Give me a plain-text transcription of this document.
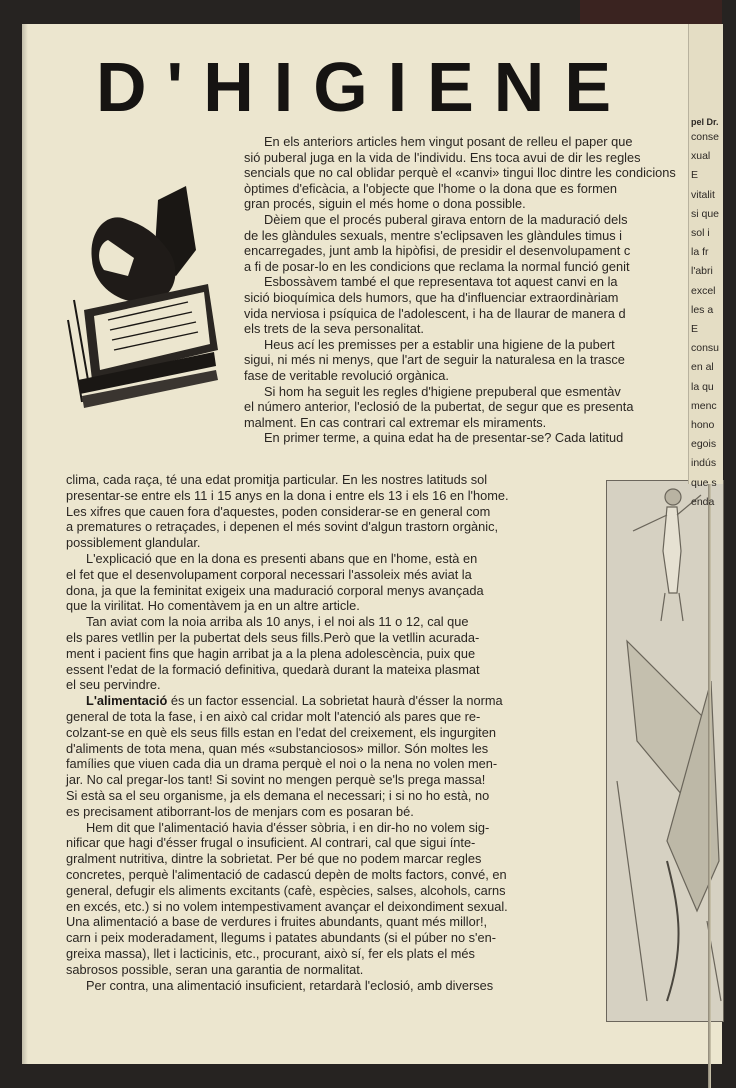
D'HIGIENE

En els anteriors articles hem vingut posant de relleu el paper que

sió puberal juga en la vida de l'individu. Ens toca avui de dir les regles

sencials que no cal oblidar perquè el «canvi» tingui lloc dintre les condicions

òptimes d'eficàcia, a l'objecte que l'home o la dona que es formen

gran procés, siguin el més home o dona possible.

Dèiem que el procés puberal girava entorn de la maduració dels

de les glàndules sexuals, mentre s'eclipsaven les glàndules timus i

encarregades, junt amb la hipòfisi, de presidir el desenvolupament c

a fi de posar-lo en les condicions que reclama la normal funció genit

Esbossàvem també el que representava tot aquest canvi en la

sició bioquímica dels humors, que ha d'influenciar extraordinàriam

vida nerviosa i psíquica de l'adolescent, i ha de llaurar de manera d

els trets de la seva personalitat.

Heus ací les premisses per a establir una higiene de la pubert

sigui, ni més ni menys, que l'art de seguir la naturalesa en la trasce

fase de veritable revolució orgànica.

Si hom ha seguit les regles d'higiene prepuberal que esmentàv

el número anterior, l'eclosió de la pubertat, de segur que es presenta

malment. En cas contrari cal extremar els miraments.

En primer terme, a quina edat ha de presentar-se? Cada latitud

clima, cada raça, té una edat promitja particular. En les nostres latituds sol

presentar-se entre els 11 i 15 anys en la dona i entre els 13 i els 16 en l'home.

Les xifres que cauen fora d'aquestes, poden considerar-se en general com

a prematures o retraçades, i depenen el més sovint d'algun trastorn orgànic,

possiblement glandular.

L'explicació que en la dona es presenti abans que en l'home, està en

el fet que el desenvolupament corporal necessari l'assoleix més aviat la

dona, ja que la feminitat exigeix una maduració corporal menys avançada

que la virilitat. Ho comentàvem ja en un altre article.

Tan aviat com la noia arriba als 10 anys, i el noi als 11 o 12, cal que

els pares vetllin per la pubertat dels seus fills.Però que la vetllin acurada-

ment i pacient fins que hagin arribat ja a la plena adolescència, puix que

essent l'edat de la formació definitiva, quedarà durant la mateixa plasmat

el seu pervindre.

L'alimentació és un factor essencial. La sobrietat haurà d'ésser la norma

general de tota la fase, i en això cal cridar molt l'atenció als pares que re-

colzant-se en què els seus fills estan en l'edat del creixement, els ingurgiten

d'aliments de tota mena, quan més «substanciosos» millor. Són moltes les

famílies que viuen cada dia un drama perquè el noi o la nena no volen men-

jar. No cal pregar-los tant! Si sovint no mengen perquè se'ls prega massa!

Si està sa el seu organisme, ja els demana el necessari; i si no ho està, no

es precisament atiborrant-los de menjars com es posaran bé.

Hem dit que l'alimentació havia d'ésser sòbria, i en dir-ho no volem sig-

nificar que hagi d'ésser frugal o insuficient. Al contrari, cal que sigui ínte-

gralment nutritiva, dintre la sobrietat. Per bé que no podem marcar regles

concretes, perquè l'alimentació de cadascú depèn de molts factors, convé, en

general, defugir els aliments excitants (cafè, espècies, salses, alcohols, carns

en excés, etc.) si no volem intempestivament avançar el deixondiment sexual.

Una alimentació a base de verdures i fruites abundants, quant més millor!,

carn i peix moderadament, llegums i patates abundants (si el púber no s'en-

greixa massa), llet i lacticinis, etc., procurant, això sí, fer els plats el més

sabrosos possible, seran una garantia de normalitat.

Per contra, una alimentació insuficient, retardarà l'eclosió, amb diverses

pel Dr.
conse
xual
E
vitalit
si que
sol i
la fr
l'abri
excel
les a
E
consu
en al
la qu
menc
hono
egois
indús
que s
enda
